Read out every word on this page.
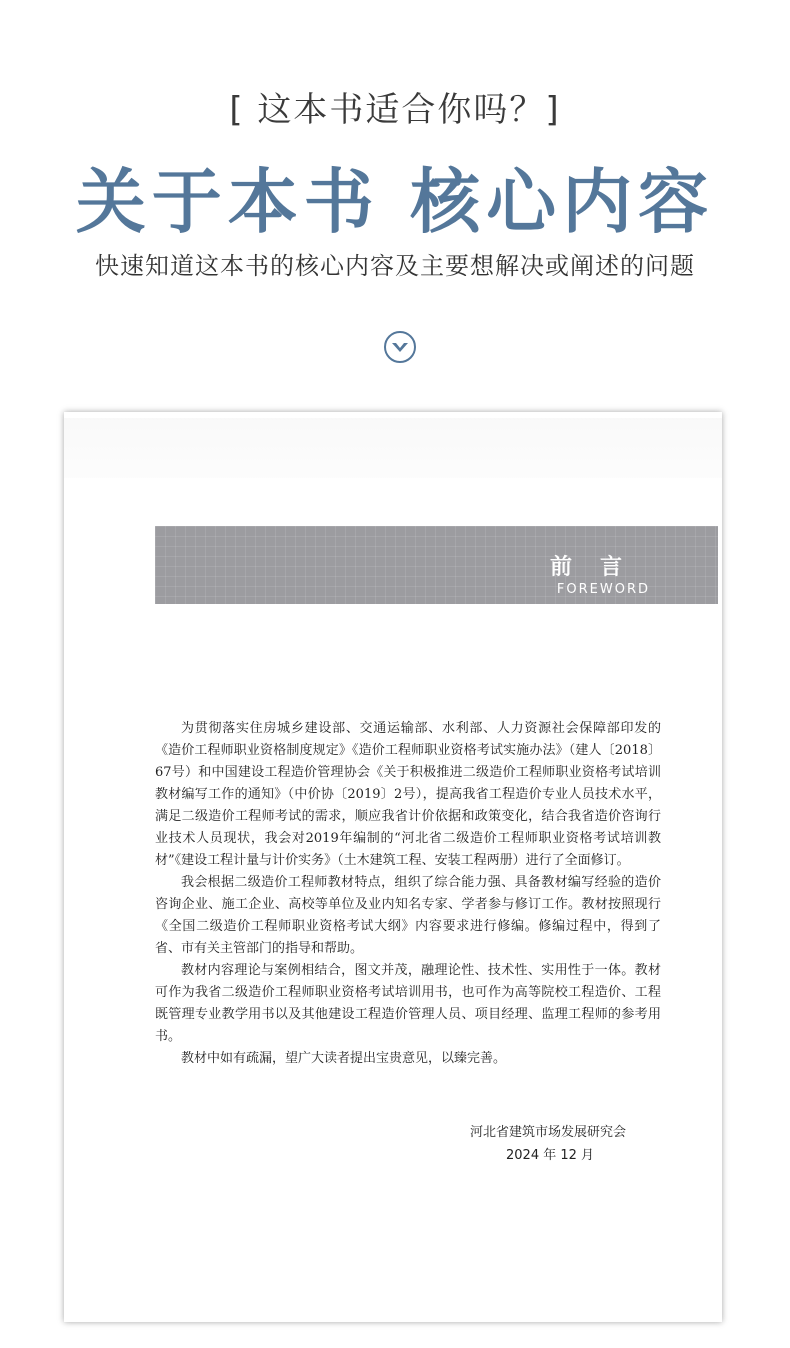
[ 这本书适合你吗？]
关于本书 核心内容
快速知道这本书的核心内容及主要想解决或阐述的问题
前言
FOREWORD

为贯彻落实住房城乡建设部、交通运输部、水利部、人力资源社会保障部印发的《造价工程师职业资格制度规定》《造价工程师职业资格考试实施办法》（建人〔2018〕67号）和中国建设工程造价管理协会《关于积极推进二级造价工程师职业资格考试培训教材编写工作的通知》（中价协〔2019〕2号），提高我省工程造价专业人员技术水平，满足二级造价工程师考试的需求，顺应我省计价依据和政策变化，结合我省造价咨询行业技术人员现状，我会对2019年编制的“河北省二级造价工程师职业资格考试培训教材”《建设工程计量与计价实务》（土木建筑工程、安装工程两册）进行了全面修订。

我会根据二级造价工程师教材特点，组织了综合能力强、具备教材编写经验的造价咨询企业、施工企业、高校等单位及业内知名专家、学者参与修订工作。教材按照现行《全国二级造价工程师职业资格考试大纲》内容要求进行修编。修编过程中，得到了省、市有关主管部门的指导和帮助。

教材内容理论与案例相结合，图文并茂，融理论性、技术性、实用性于一体。教材可作为我省二级造价工程师职业资格考试培训用书，也可作为高等院校工程造价、工程既管理专业教学用书以及其他建设工程造价管理人员、项目经理、监理工程师的参考用书。

教材中如有疏漏，望广大读者提出宝贵意见，以臻完善。

河北省建筑市场发展研究会
2024 年 12 月
